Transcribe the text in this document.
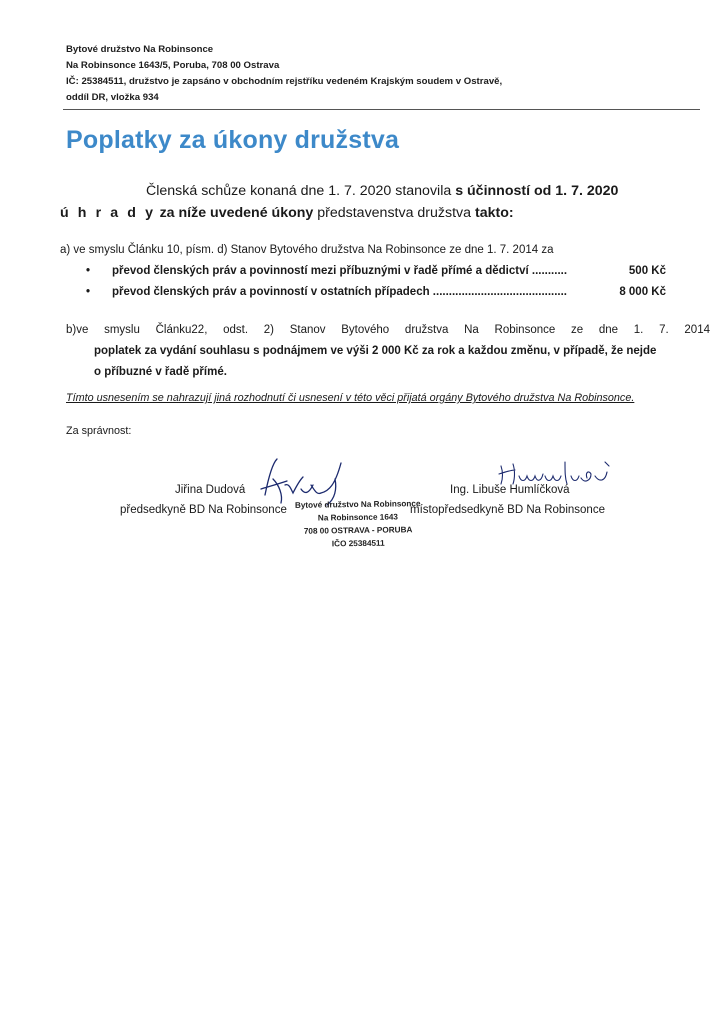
Bytové družstvo Na Robinsonce
Na Robinsonce 1643/5, Poruba, 708 00 Ostrava
IČ: 25384511, družstvo je zapsáno v obchodním rejstříku vedeném Krajským soudem v Ostravě,
oddíl DR, vložka 934
Poplatky za úkony družstva
Členská schůze konaná dne 1. 7. 2020 stanovila s účinností od 1. 7. 2020
ú h r a d y za níže uvedené úkony představenstva družstva takto:
a) ve smyslu Článku 10, písm. d) Stanov Bytového družstva Na Robinsonce ze dne 1. 7. 2014 za
• převod členských práv a povinností mezi příbuznými v řadě přímé a dědictví ...........	500 Kč
• převod členských práv a povinností v ostatních případech ..........................................	8 000 Kč
b)ve smyslu Článku22, odst. 2) Stanov Bytového družstva Na Robinsonce ze dne 1. 7. 2014
poplatek za vydání souhlasu s podnájmem ve výši 2 000 Kč za rok a každou změnu, v případě, že nejde
o příbuzné v řadě přímé.
Tímto usnesením se nahrazují jiná rozhodnutí či usnesení v této věci přijatá orgány Bytového družstva Na Robinsonce.
Za správnost:
Jiřina Dudová
předsedkyně BD Na Robinsonce
Ing. Libuše Humlíčková
místopředsedkyně BD Na Robinsonce
Bytové družstvo Na Robinsonce
Na Robinsonce 1643
708 00 OSTRAVA - PORUBA
IČO 25384511
